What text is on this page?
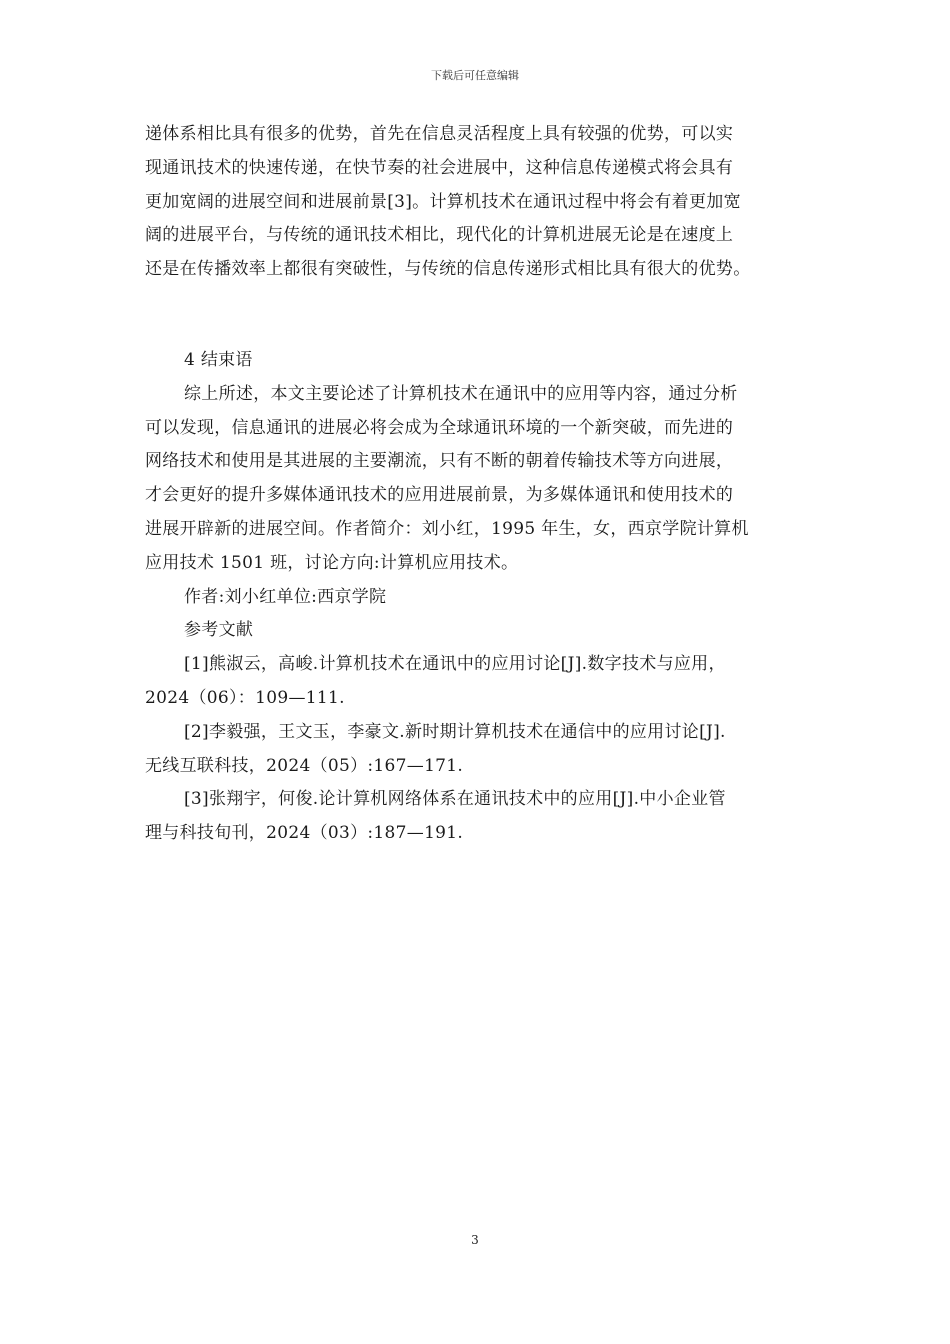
下载后可任意编辑
递体系相比具有很多的优势，首先在信息灵活程度上具有较强的优势，可以实
现通讯技术的快速传递，在快节奏的社会进展中，这种信息传递模式将会具有
更加宽阔的进展空间和进展前景[3]。计算机技术在通讯过程中将会有着更加宽
阔的进展平台，与传统的通讯技术相比，现代化的计算机进展无论是在速度上
还是在传播效率上都很有突破性，与传统的信息传递形式相比具有很大的优势。
4 结束语
综上所述，本文主要论述了计算机技术在通讯中的应用等内容，通过分析
可以发现，信息通讯的进展必将会成为全球通讯环境的一个新突破，而先进的
网络技术和使用是其进展的主要潮流，只有不断的朝着传输技术等方向进展，
才会更好的提升多媒体通讯技术的应用进展前景，为多媒体通讯和使用技术的
进展开辟新的进展空间。作者简介：刘小红，1995 年生，女，西京学院计算机
应用技术 1501 班，讨论方向:计算机应用技术。
作者:刘小红单位:西京学院
参考文献
[1]熊淑云，高峻.计算机技术在通讯中的应用讨论[J].数字技术与应用，
2024（06）：109—111.
[2]李毅强，王文玉，李豪文.新时期计算机技术在通信中的应用讨论[J].
无线互联科技，2024（05）:167—171.
[3]张翔宇，何俊.论计算机网络体系在通讯技术中的应用[J].中小企业管
理与科技旬刊，2024（03）:187—191.
3
